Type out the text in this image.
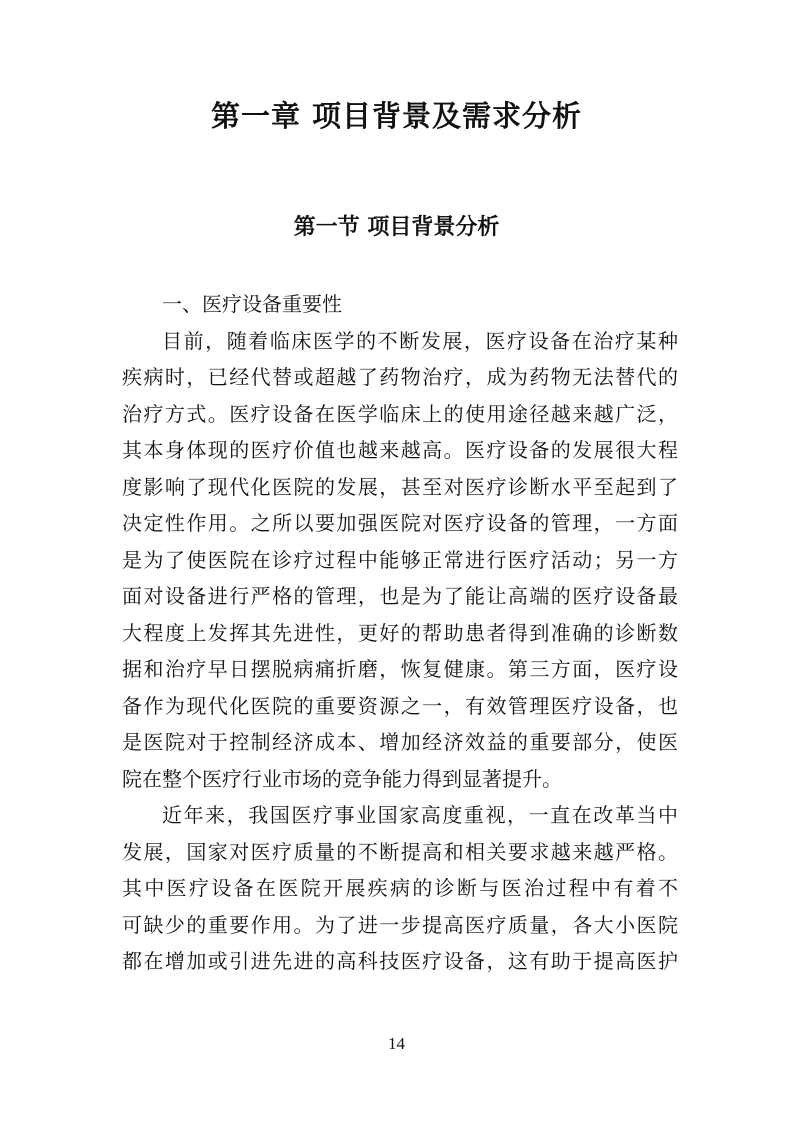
第一章 项目背景及需求分析
第一节 项目背景分析
一、医疗设备重要性
目前，随着临床医学的不断发展，医疗设备在治疗某种
疾病时，已经代替或超越了药物治疗，成为药物无法替代的
治疗方式。医疗设备在医学临床上的使用途径越来越广泛，
其本身体现的医疗价值也越来越高。医疗设备的发展很大程
度影响了现代化医院的发展，甚至对医疗诊断水平至起到了
决定性作用。之所以要加强医院对医疗设备的管理，一方面
是为了使医院在诊疗过程中能够正常进行医疗活动；另一方
面对设备进行严格的管理，也是为了能让高端的医疗设备最
大程度上发挥其先进性，更好的帮助患者得到准确的诊断数
据和治疗早日摆脱病痛折磨，恢复健康。第三方面，医疗设
备作为现代化医院的重要资源之一，有效管理医疗设备，也
是医院对于控制经济成本、增加经济效益的重要部分，使医
院在整个医疗行业市场的竞争能力得到显著提升。
近年来，我国医疗事业国家高度重视，一直在改革当中
发展，国家对医疗质量的不断提高和相关要求越来越严格。
其中医疗设备在医院开展疾病的诊断与医治过程中有着不
可缺少的重要作用。为了进一步提高医疗质量，各大小医院
都在增加或引进先进的高科技医疗设备，这有助于提高医护
14
